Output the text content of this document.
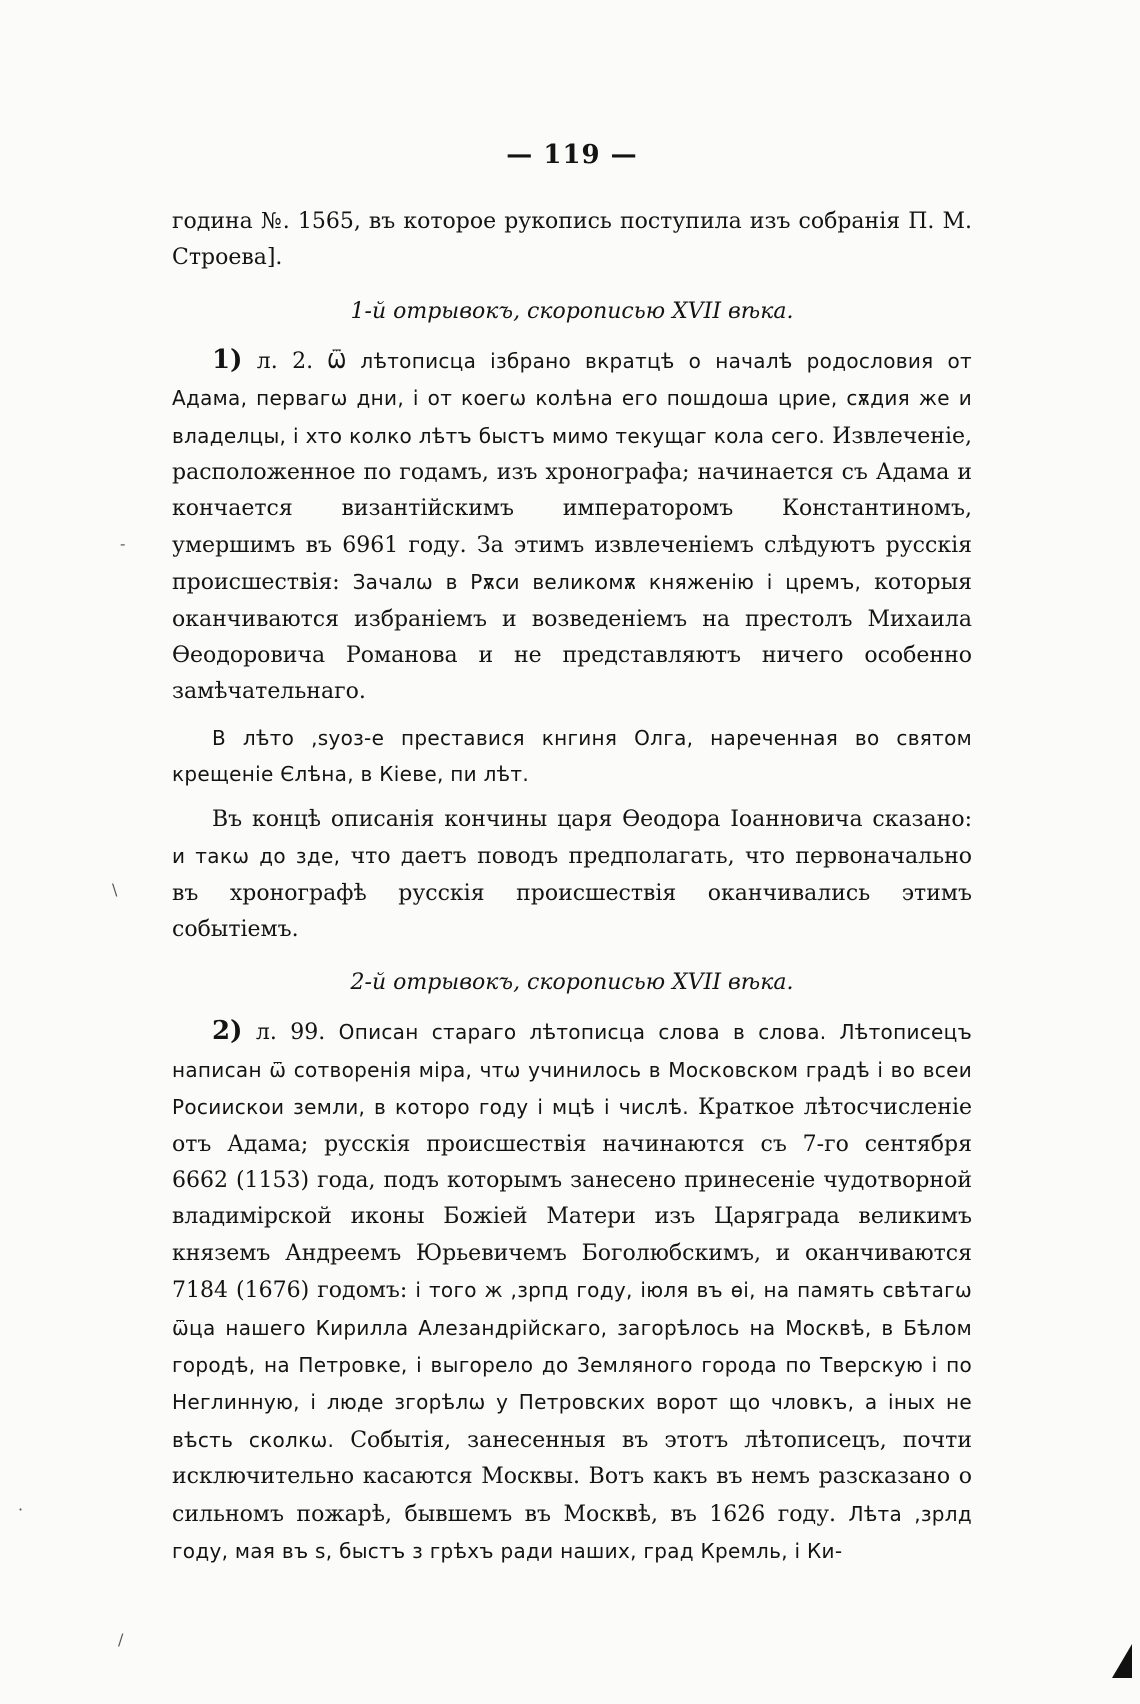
— 119 —

година №. 1565, въ которое рукопись поступила изъ собранія П. М. Строева].

1-й отрывокъ, скорописью XVII вѣка.

1) л. 2. Ѿ лѣтописца ізбрано вкратцѣ о началѣ родословия от Адама, первагѡ дни, і от коегѡ колѣна его пошдоша црие, сѫдия же и владелцы, і хто колко лѣтъ быстъ мимо текущаг кола сего. Извлеченіе, расположенное по годамъ, изъ хронографа; начинается съ Адама и кончается византійскимъ императоромъ Константиномъ, умершимъ въ 6961 году. За этимъ извлеченіемъ слѣдуютъ русскія происшествія: Зачалѡ в Рѫси великомѫ княженію і цремъ, которыя оканчиваются избраніемъ и возведеніемъ на престолъ Михаила Ѳеодоровича Романова и не представляютъ ничего особенно замѣчательнаго.

В лѣто ,ѕуоз-е преставися кнгиня Олга, нареченная во святом крещеніе Єлѣна, в Кіеве, пи лѣт.

Въ концѣ описанія кончины царя Ѳеодора Іоанновича сказано: и такѡ до зде, что даетъ поводъ предполагать, что первоначально въ хронографѣ русскія происшествія оканчивались этимъ событіемъ.

2-й отрывокъ, скорописью XVII вѣка.

2) л. 99. Описан стараго лѣтописца слова в слова. Лѣтописецъ написан ѿ сотворенія міра, чтѡ учинилось в Московском градѣ і во всеи Росиискои земли, в которо году і мцѣ і числѣ. Краткое лѣтосчисленіе отъ Адама; русскія происшествія начинаются съ 7-го сентября 6662 (1153) года, подъ которымъ занесено принесеніе чудотворной владимірской иконы Божіей Матери изъ Царяграда великимъ княземъ Андреемъ Юрьевичемъ Боголюбскимъ, и оканчиваются 7184 (1676) годомъ: і того ж ,зрпд году, іюля въ ѳі, на память свѣтагѡ ѿца нашего Кирилла Алезандрійскаго, загорѣлось на Москвѣ, в Бѣлом городѣ, на Петровке, і выгорело до Земляного города по Тверскую і по Неглинную, і люде згорѣлѡ у Петровских ворот що чловкъ, а іных не вѣсть сколкѡ. Событія, занесенныя въ этотъ лѣтописецъ, почти исключительно касаются Москвы. Вотъ какъ въ немъ разсказано о сильномъ пожарѣ, бывшемъ въ Москвѣ, въ 1626 году. Лѣта ,зрлд году, мая въ ѕ, быстъ з грѣхъ ради наших, град Кремль, і Ки-

-
\
·
/
